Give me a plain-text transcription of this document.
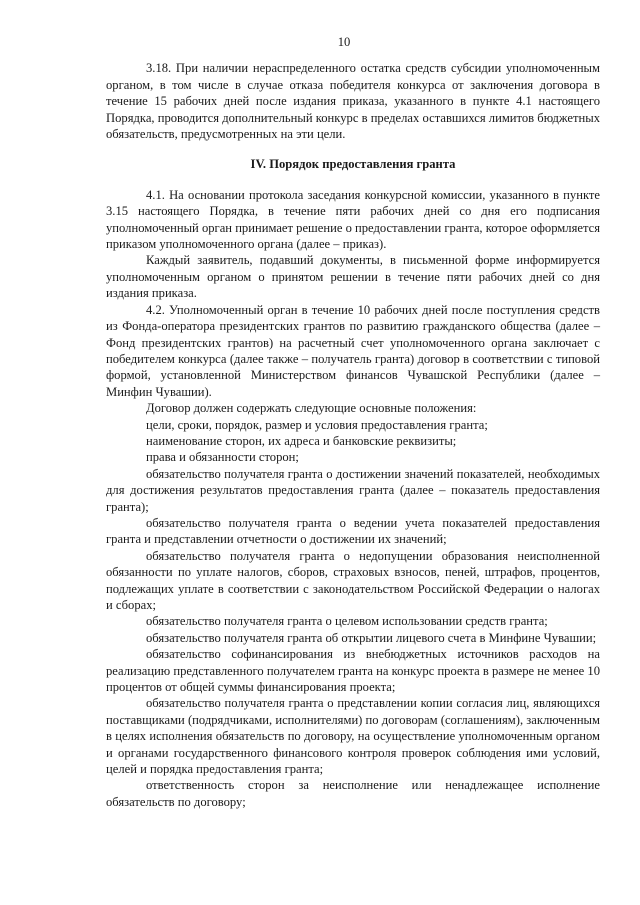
10

3.18. При наличии нераспределенного остатка средств субсидии уполномоченным органом, в том числе в случае отказа победителя конкурса от заключения договора в течение 15 рабочих дней после издания приказа, указанного в пункте 4.1 настоящего Порядка, проводится дополнительный конкурс в пределах оставшихся лимитов бюджетных обязательств, предусмотренных на эти цели.

IV. Порядок предоставления гранта

4.1. На основании протокола заседания конкурсной комиссии, указанного в пункте 3.15 настоящего Порядка, в течение пяти рабочих дней со дня его подписания уполномоченный орган принимает решение о предоставлении гранта, которое оформляется приказом уполномоченного органа (далее – приказ).

Каждый заявитель, подавший документы, в письменной форме информируется уполномоченным органом о принятом решении в течение пяти рабочих дней со дня издания приказа.

4.2. Уполномоченный орган в течение 10 рабочих дней после поступления средств из Фонда-оператора президентских грантов по развитию гражданского общества (далее – Фонд президентских грантов) на расчетный счет уполномоченного органа заключает с победителем конкурса (далее также – получатель гранта) договор в соответствии с типовой формой, установленной Министерством финансов Чувашской Республики (далее – Минфин Чувашии).

Договор должен содержать следующие основные положения:

цели, сроки, порядок, размер и условия предоставления гранта;

наименование сторон, их адреса и банковские реквизиты;

права и обязанности сторон;

обязательство получателя гранта о достижении значений показателей, необходимых для достижения результатов предоставления гранта (далее – показатель предоставления гранта);

обязательство получателя гранта о ведении учета показателей предоставления гранта и представлении отчетности о достижении их значений;

обязательство получателя гранта о недопущении образования неисполненной обязанности по уплате налогов, сборов, страховых взносов, пеней, штрафов, процентов, подлежащих уплате в соответствии с законодательством Российской Федерации о налогах и сборах;

обязательство получателя гранта о целевом использовании средств гранта;

обязательство получателя гранта об открытии лицевого счета в Минфине Чувашии;

обязательство софинансирования из внебюджетных источников расходов на реализацию представленного получателем гранта на конкурс проекта в размере не менее 10 процентов от общей суммы финансирования проекта;

обязательство получателя гранта о представлении копии согласия лиц, являющихся поставщиками (подрядчиками, исполнителями) по договорам (соглашениям), заключенным в целях исполнения обязательств по договору, на осуществление уполномоченным органом и органами государственного финансового контроля проверок соблюдения ими условий, целей и порядка предоставления гранта;

ответственность сторон за неисполнение или ненадлежащее исполнение обязательств по договору;
